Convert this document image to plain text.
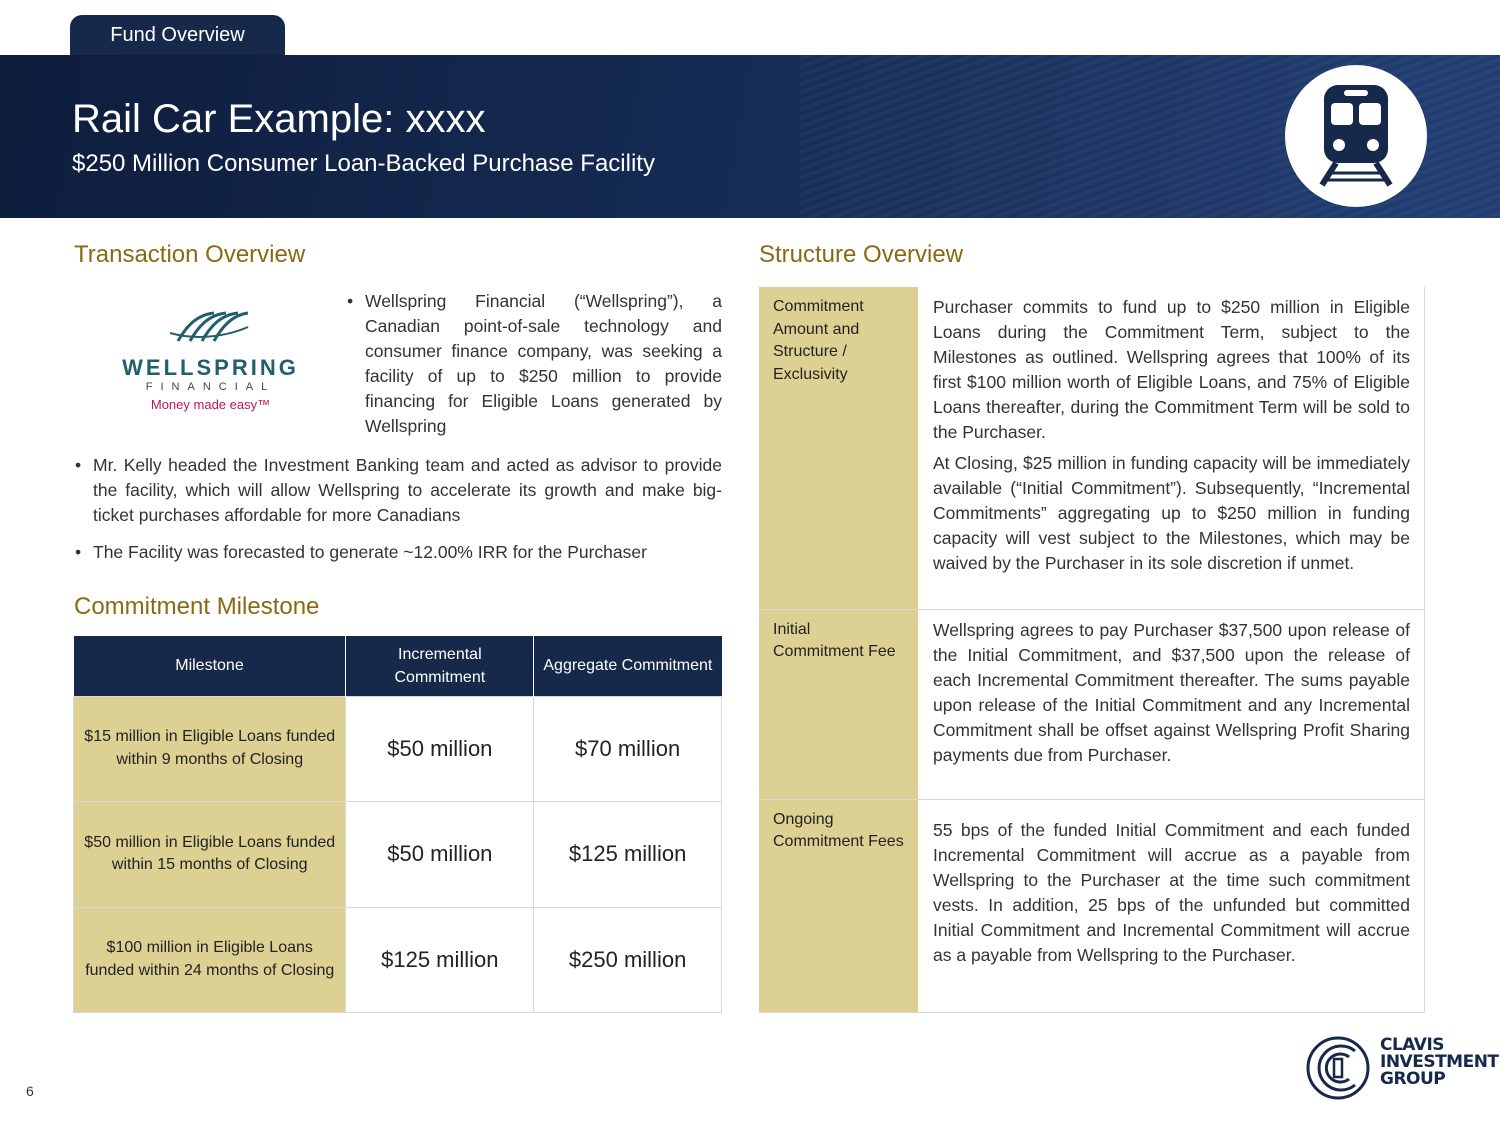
Fund Overview
Rail Car Example: xxxx
$250 Million Consumer Loan-Backed Purchase Facility
Transaction Overview
WELLSPRING
FINANCIAL
Money made easy™
• Wellspring Financial (“Wellspring”), a Canadian point-of-sale technology and consumer finance company, was seeking a facility of up to $250 million to provide financing for Eligible Loans generated by Wellspring
• Mr. Kelly headed the Investment Banking team and acted as advisor to provide the facility, which will allow Wellspring to accelerate its growth and make big-ticket purchases affordable for more Canadians
• The Facility was forecasted to generate ~12.00% IRR for the Purchaser
Commitment Milestone
Milestone	Incremental Commitment	Aggregate Commitment
$15 million in Eligible Loans funded within 9 months of Closing	$50 million	$70 million
$50 million in Eligible Loans funded within 15 months of Closing	$50 million	$125 million
$100 million in Eligible Loans funded within 24 months of Closing	$125 million	$250 million
Structure Overview
Commitment Amount and Structure / Exclusivity	Purchaser commits to fund up to $250 million in Eligible Loans during the Commitment Term, subject to the Milestones as outlined. Wellspring agrees that 100% of its first $100 million worth of Eligible Loans, and 75% of Eligible Loans thereafter, during the Commitment Term will be sold to the Purchaser.

At Closing, $25 million in funding capacity will be immediately available (“Initial Commitment”). Subsequently, “Incremental Commitments” aggregating up to $250 million in funding capacity will vest subject to the Milestones, which may be waived by the Purchaser in its sole discretion if unmet.

Initial Commitment Fee	Wellspring agrees to pay Purchaser $37,500 upon release of the Initial Commitment, and $37,500 upon the release of each Incremental Commitment thereafter. The sums payable upon release of the Initial Commitment and any Incremental Commitment shall be offset against Wellspring Profit Sharing payments due from Purchaser.

Ongoing Commitment Fees	55 bps of the funded Initial Commitment and each funded Incremental Commitment will accrue as a payable from Wellspring to the Purchaser at the time such commitment vests. In addition, 25 bps of the unfunded but committed Initial Commitment and Incremental Commitment will accrue as a payable from Wellspring to the Purchaser.

6
CLAVIS
INVESTMENT
GROUP
